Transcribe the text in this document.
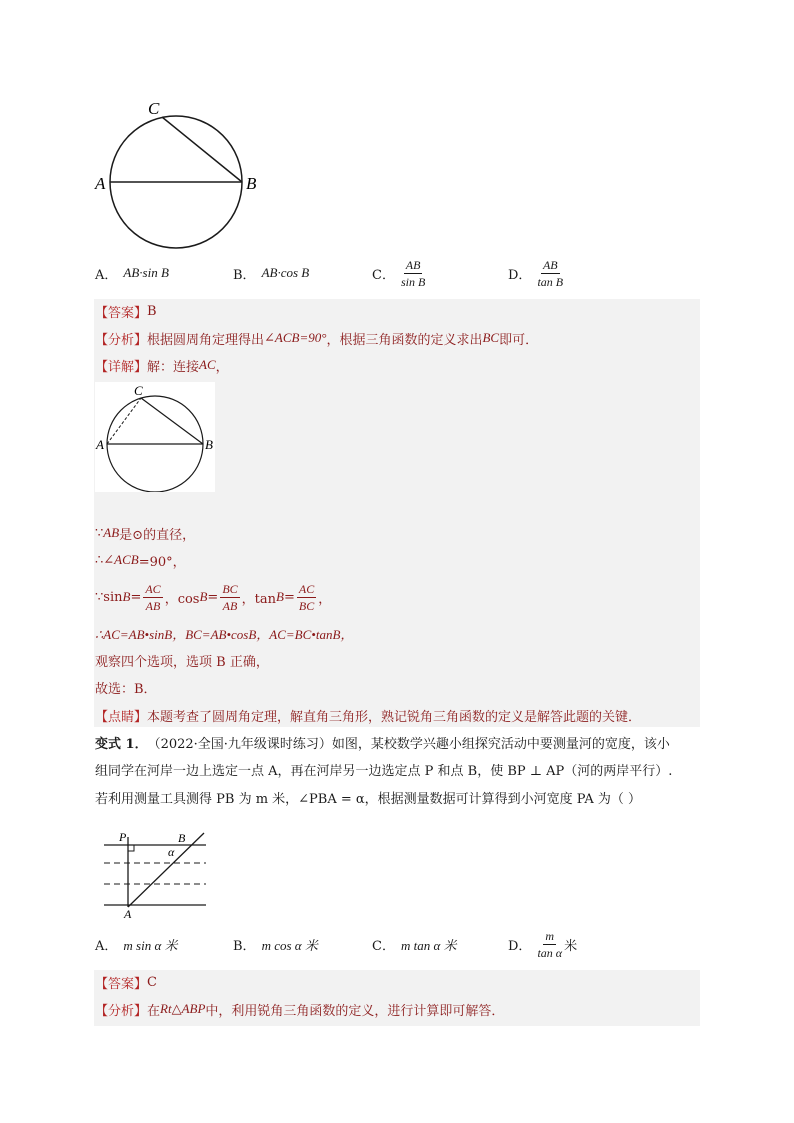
C
A	B
A． AB·sin B	B． AB·cos B	C． $\frac{AB}{\text{sin B}}$	D． $\frac{AB}{\text{tan B}}$
【答案】 B
【分析】 根据圆周角定理得出 ∠ACB=90° ，根据三角函数的定义求出 BC 即可．
【详解】 解：连接 AC ，
C
A	B
∵ AB 是⊙的直径，
∴∠ ACB =90°，
∵sin $B = \frac{AC}{AB}$ ，$\cos B = \frac{BC}{AB}$ ，$\tan B = \frac{AC}{BC}$ ，
∴AC=AB•sinB，BC=AB•cosB，AC=BC•tanB，
观察四个选项，选项 B 正确，
故选：B．
【点睛】 本题考查了圆周角定理，解直角三角形，熟记锐角三角函数的定义是解答此题的关键．
变式 1． （2022·全国·九年级课时练习）如图，某校数学兴趣小组探究活动中要测量河的宽度，该小
组同学在河岸一边上选定一点 A，再在河岸另一边选定点 P 和点 B，使 BP ⊥ AP（河的两岸平行）.
若利用测量工具测得 PB 为 m 米，∠PBA = α，根据测量数据可计算得到小河宽度 PA 为（ ）
P	B
α
A
A． m sin α 米	B． m cos α 米	C． m tan α 米	D． $\frac{m}{\text{tan α}}$ 米
【答案】 C
【分析】 在 Rt△ABP 中，利用锐角三角函数的定义，进行计算即可解答．
